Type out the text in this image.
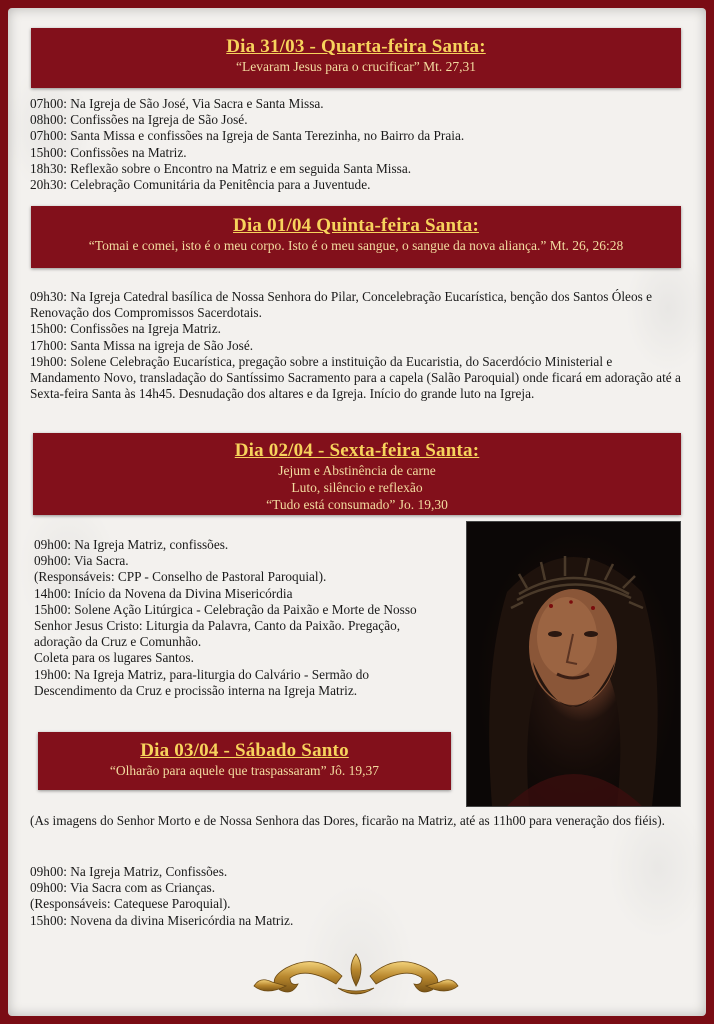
Dia 31/03 - Quarta-feira Santa:
“Levaram Jesus para o crucificar” Mt. 27,31
07h00: Na Igreja de São José, Via Sacra e Santa Missa.
08h00: Confissões na Igreja de São José.
07h00: Santa Missa e confissões na Igreja de Santa Terezinha, no Bairro da Praia.
15h00: Confissões na Matriz.
18h30: Reflexão sobre o Encontro na Matriz e em seguida Santa Missa.
20h30: Celebração Comunitária da Penitência para a Juventude.
Dia 01/04 Quinta-feira Santa:
“Tomai e comei, isto é o meu corpo. Isto é o meu sangue, o sangue da nova aliança.” Mt. 26, 26:28
09h30: Na Igreja Catedral basílica de Nossa Senhora do Pilar, Concelebração Eucarística, benção dos Santos Óleos e Renovação dos Compromissos Sacerdotais.
15h00: Confissões na Igreja Matriz.
17h00: Santa Missa na igreja de São José.
19h00: Solene Celebração Eucarística, pregação sobre a instituição da Eucaristia, do Sacerdócio Ministerial e Mandamento Novo, transladação do Santíssimo Sacramento para a capela (Salão Paroquial) onde ficará em adoração até a Sexta-feira Santa às 14h45. Desnudação dos altares e da Igreja. Início do grande luto na Igreja.
Dia 02/04 - Sexta-feira Santa:
Jejum e Abstinência de carne
Luto, silêncio e reflexão
“Tudo está consumado” Jo. 19,30
09h00: Na Igreja Matriz, confissões.
09h00: Via Sacra.
(Responsáveis: CPP - Conselho de Pastoral Paroquial).
14h00: Início da Novena da Divina Misericórdia
15h00: Solene Ação Litúrgica - Celebração da Paixão e Morte de Nosso Senhor Jesus Cristo: Liturgia da Palavra, Canto da Paixão. Pregação, adoração da Cruz e Comunhão.
Coleta para os lugares Santos.
19h00: Na Igreja Matriz, para-liturgia do Calvário - Sermão do Descendimento da Cruz e procissão interna na Igreja Matriz.
Dia 03/04 - Sábado Santo
“Olharão para aquele que traspassaram” Jô. 19,37
(As imagens do Senhor Morto e de Nossa Senhora das Dores, ficarão na Matriz, até as 11h00 para veneração dos fiéis).
09h00: Na Igreja Matriz, Confissões.
09h00: Via Sacra com as Crianças.
(Responsáveis: Catequese Paroquial).
15h00: Novena da divina Misericórdia na Matriz.
